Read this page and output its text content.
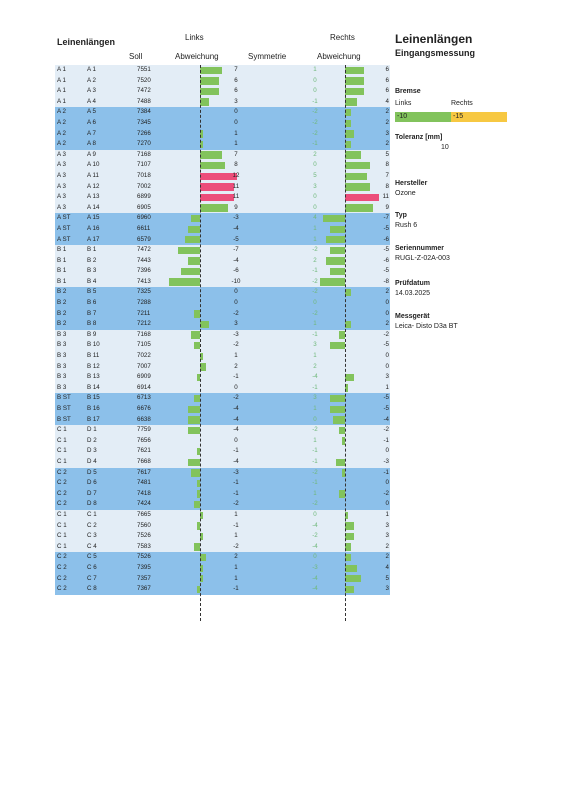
Leinenlängen	Links	Rechts
Soll	Abweichung	Symmetrie	Abweichung
A 1	A 1	7551	7	1	6
A 1	A 2	7520	6	0	6
A 1	A 3	7472	6	0	6
A 1	A 4	7488	3	-1	4
A 2	A 5	7384	0	-2	2
A 2	A 6	7345	0	-2	2
A 2	A 7	7266	1	-2	3
A 2	A 8	7270	1	-1	2
A 3	A 9	7168	7	2	5
A 3	A 10	7107	8	0	8
A 3	A 11	7018	12	5	7
A 3	A 12	7002	11	3	8
A 3	A 13	6899	11	0	11
A 3	A 14	6905	9	0	9
A ST	A 15	6960	-3	4	-7
A ST	A 16	6611	-4	1	-5
A ST	A 17	6579	-5	1	-6
B 1	B 1	7472	-7	-2	-5
B 1	B 2	7443	-4	2	-6
B 1	B 3	7396	-6	-1	-5
B 1	B 4	7413	-10	-2	-8
B 2	B 5	7325	0	-2	2
B 2	B 6	7288	0	0	0
B 2	B 7	7211	-2	-2	0
B 2	B 8	7212	3	1	2
B 3	B 9	7168	-3	-1	-2
B 3	B 10	7105	-2	3	-5
B 3	B 11	7022	1	1	0
B 3	B 12	7007	2	2	0
B 3	B 13	6909	-1	-4	3
B 3	B 14	6914	0	-1	1
B ST	B 15	6713	-2	3	-5
B ST	B 16	6676	-4	1	-5
B ST	B 17	6638	-4	0	-4
C 1	D 1	7759	-4	-2	-2
C 1	D 2	7656	0	1	-1
C 1	D 3	7621	-1	-1	0
C 1	D 4	7668	-4	-1	-3
C 2	D 5	7617	-3	-2	-1
C 2	D 6	7481	-1	-1	0
C 2	D 7	7418	-1	1	-2
C 2	D 8	7424	-2	-2	0
C 1	C 1	7665	1	0	1
C 1	C 2	7560	-1	-4	3
C 1	C 3	7526	1	-2	3
C 1	C 4	7583	-2	-4	2
C 2	C 5	7526	2	0	2
C 2	C 6	7395	1	-3	4
C 2	C 7	7357	1	-4	5
C 2	C 8	7367	-1	-4	3
Leinenlängen
Eingangsmessung
Bremse
Links	Rechts
-10	-15
Toleranz [mm]
10
Hersteller
Ozone
Typ
Rush 6
Seriennummer
RUGL-Z-02A-003
Prüfdatum
14.03.2025
Messgerät
Leica- Disto D3a BT
